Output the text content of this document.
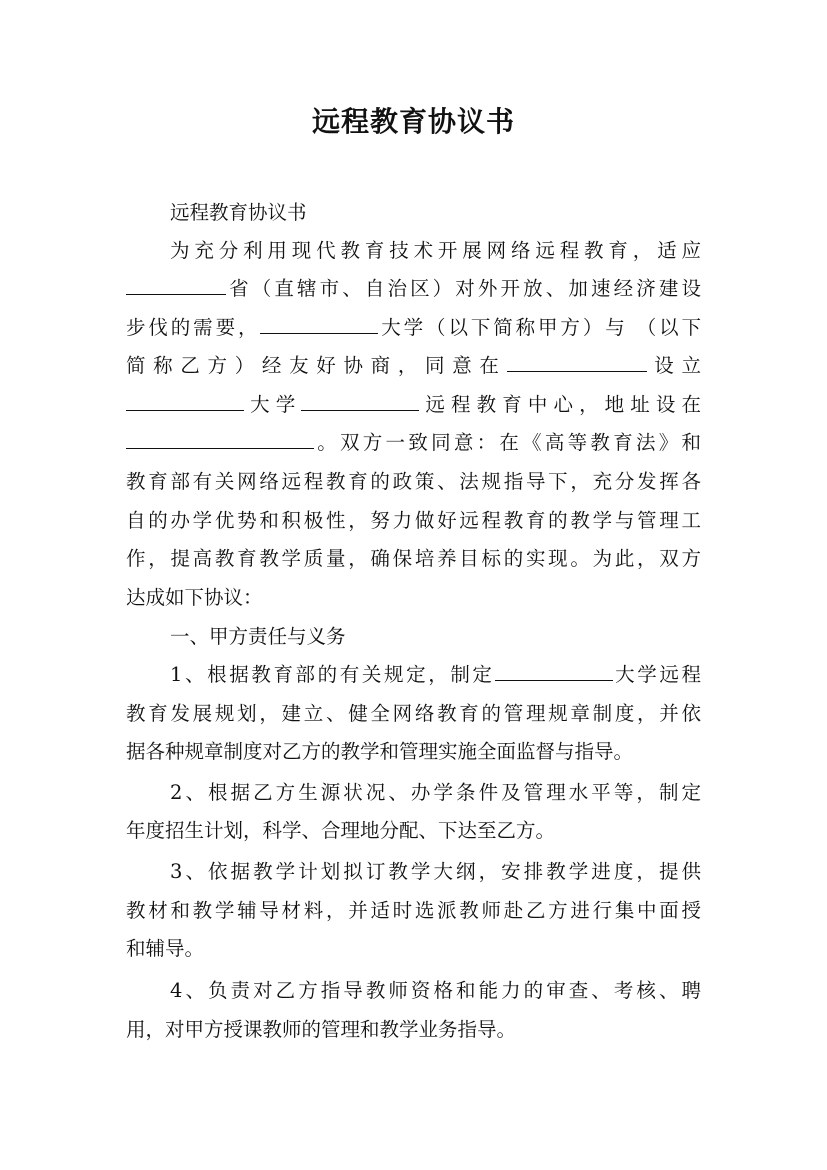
远程教育协议书
远程教育协议书
为充分利用现代教育技术开展网络远程教育，适应
省（直辖市、自治区）对外开放、加速经济建设
步伐的需要，	大学（以下简称甲方）与 （以下
简称乙方）经友好协商，同意在	设立
大学	远程教育中心，地址设在
。双方一致同意：在《高等教育法》和
教育部有关网络远程教育的政策、法规指导下，充分发挥各
自的办学优势和积极性，努力做好远程教育的教学与管理工
作，提高教育教学质量，确保培养目标的实现。为此，双方
达成如下协议：
一、甲方责任与义务
1、根据教育部的有关规定，制定	大学远程
教育发展规划，建立、健全网络教育的管理规章制度，并依
据各种规章制度对乙方的教学和管理实施全面监督与指导。
2、根据乙方生源状况、办学条件及管理水平等，制定
年度招生计划，科学、合理地分配、下达至乙方。
3、依据教学计划拟订教学大纲，安排教学进度，提供
教材和教学辅导材料，并适时选派教师赴乙方进行集中面授
和辅导。
4、负责对乙方指导教师资格和能力的审查、考核、聘
用，对甲方授课教师的管理和教学业务指导。
